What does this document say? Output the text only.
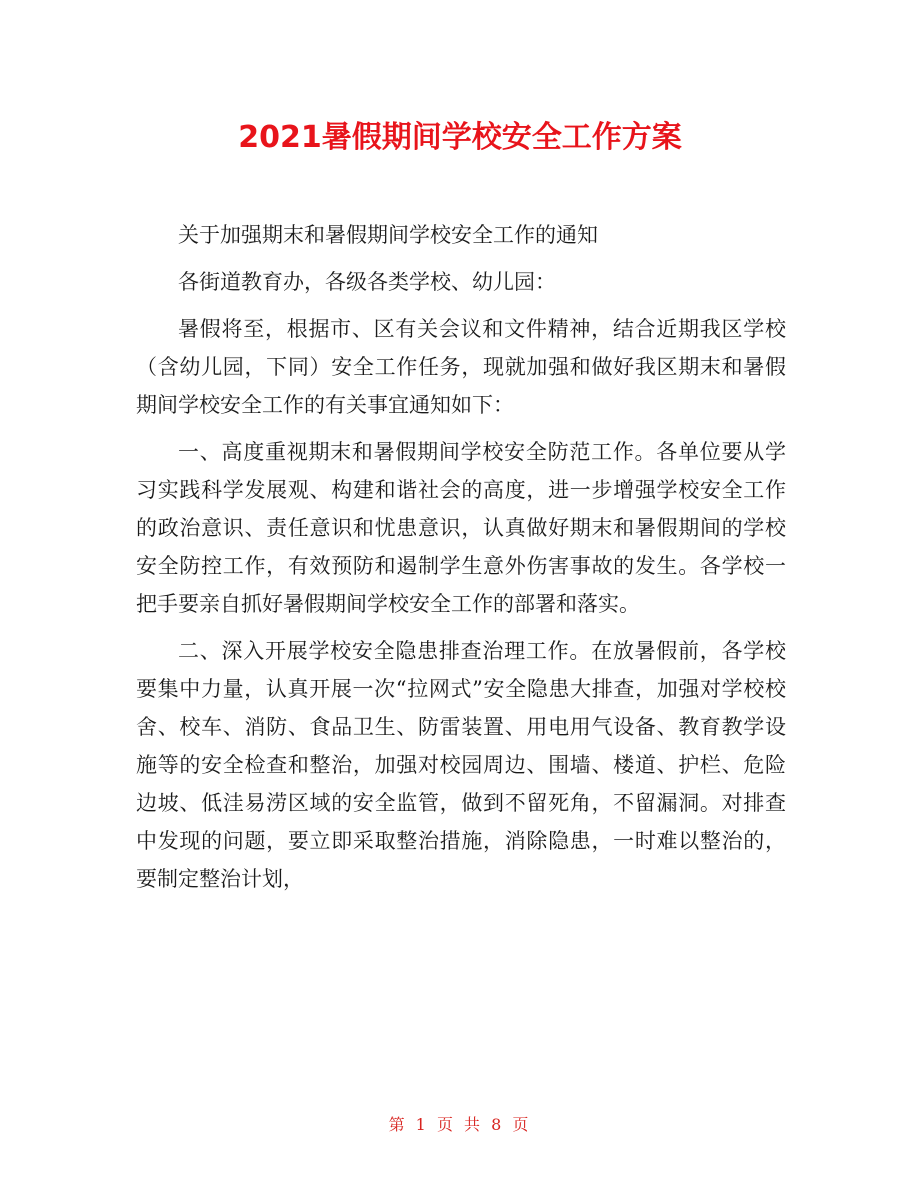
2021暑假期间学校安全工作方案

关于加强期末和暑假期间学校安全工作的通知

各街道教育办，各级各类学校、幼儿园：

暑假将至，根据市、区有关会议和文件精神，结合近期我区学校（含幼儿园，下同）安全工作任务，现就加强和做好我区期末和暑假期间学校安全工作的有关事宜通知如下：

一、高度重视期末和暑假期间学校安全防范工作。各单位要从学习实践科学发展观、构建和谐社会的高度，进一步增强学校安全工作的政治意识、责任意识和忧患意识，认真做好期末和暑假期间的学校安全防控工作，有效预防和遏制学生意外伤害事故的发生。各学校一把手要亲自抓好暑假期间学校安全工作的部署和落实。

二、深入开展学校安全隐患排查治理工作。在放暑假前，各学校要集中力量，认真开展一次“拉网式”安全隐患大排查，加强对学校校舍、校车、消防、食品卫生、防雷装置、用电用气设备、教育教学设施等的安全检查和整治，加强对校园周边、围墙、楼道、护栏、危险边坡、低洼易涝区域的安全监管，做到不留死角，不留漏洞。对排查中发现的问题，要立即采取整治措施，消除隐患，一时难以整治的，要制定整治计划，

第 1 页 共 8 页
